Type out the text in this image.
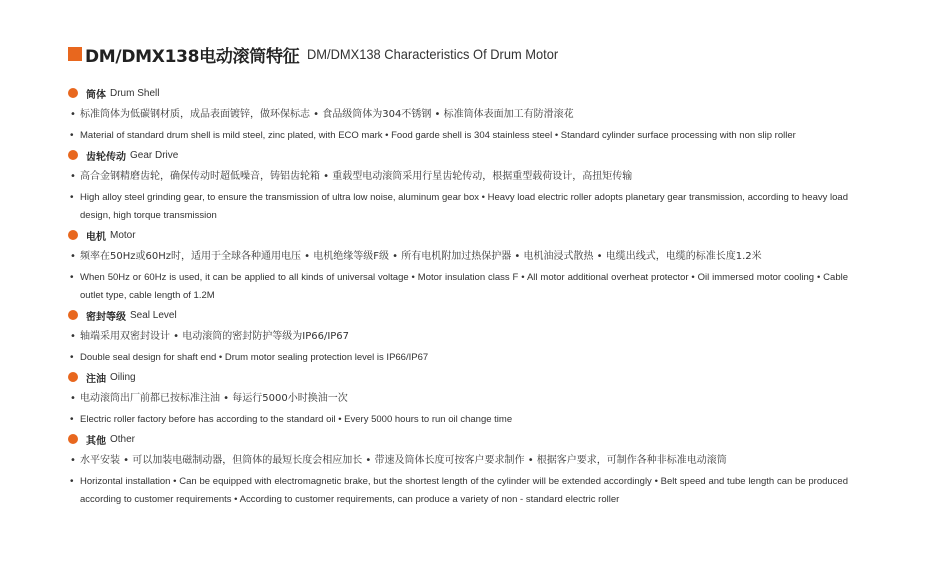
DM/DMX138电动滚筒特征 DM/DMX138 Characteristics Of Drum Motor
筒体 Drum Shell
• 标准筒体为低碳钢材质，成品表面镀锌，做环保标志 • 食品级筒体为304不锈钢 • 标准筒体表面加工有防滑滚花
• Material of standard drum shell is mild steel, zinc plated, with ECO mark • Food garde shell is 304 stainless steel • Standard cylinder surface processing with non slip roller
齿轮传动 Gear Drive
• 高合金钢精磨齿轮，确保传动时超低噪音，铸铝齿轮箱 • 重载型电动滚筒采用行星齿轮传动，根据重型载荷设计，高扭矩传输
• High alloy steel grinding gear, to ensure the transmission of ultra low noise, aluminum gear box • Heavy load electric roller adopts planetary gear transmission, according to heavy load design, high torque transmission
电机 Motor
• 频率在50Hz或60Hz时，适用于全球各种通用电压 • 电机绝缘等级F级 • 所有电机附加过热保护器 • 电机油浸式散热 • 电缆出线式，电缆的标准长度1.2米
• When 50Hz or 60Hz is used, it can be applied to all kinds of universal voltage • Motor insulation class F • All motor additional overheat protector • Oil immersed motor cooling • Cable outlet type, cable length of 1.2M
密封等级 Seal Level
• 轴端采用双密封设计 • 电动滚筒的密封防护等级为IP66/IP67
• Double seal design for shaft end • Drum motor sealing protection level is IP66/IP67
注油 Oiling
• 电动滚筒出厂前都已按标准注油 • 每运行5000小时换油一次
• Electric roller factory before has according to the standard oil • Every 5000 hours to run oil change time
其他 Other
• 水平安装 • 可以加装电磁制动器，但筒体的最短长度会相应加长 • 带速及筒体长度可按客户要求制作 • 根据客户要求，可制作各种非标准电动滚筒
• Horizontal installation • Can be equipped with electromagnetic brake, but the shortest length of the cylinder will be extended accordingly • Belt speed and tube length can be produced according to customer requirements • According to customer requirements, can produce a variety of non - standard electric roller
